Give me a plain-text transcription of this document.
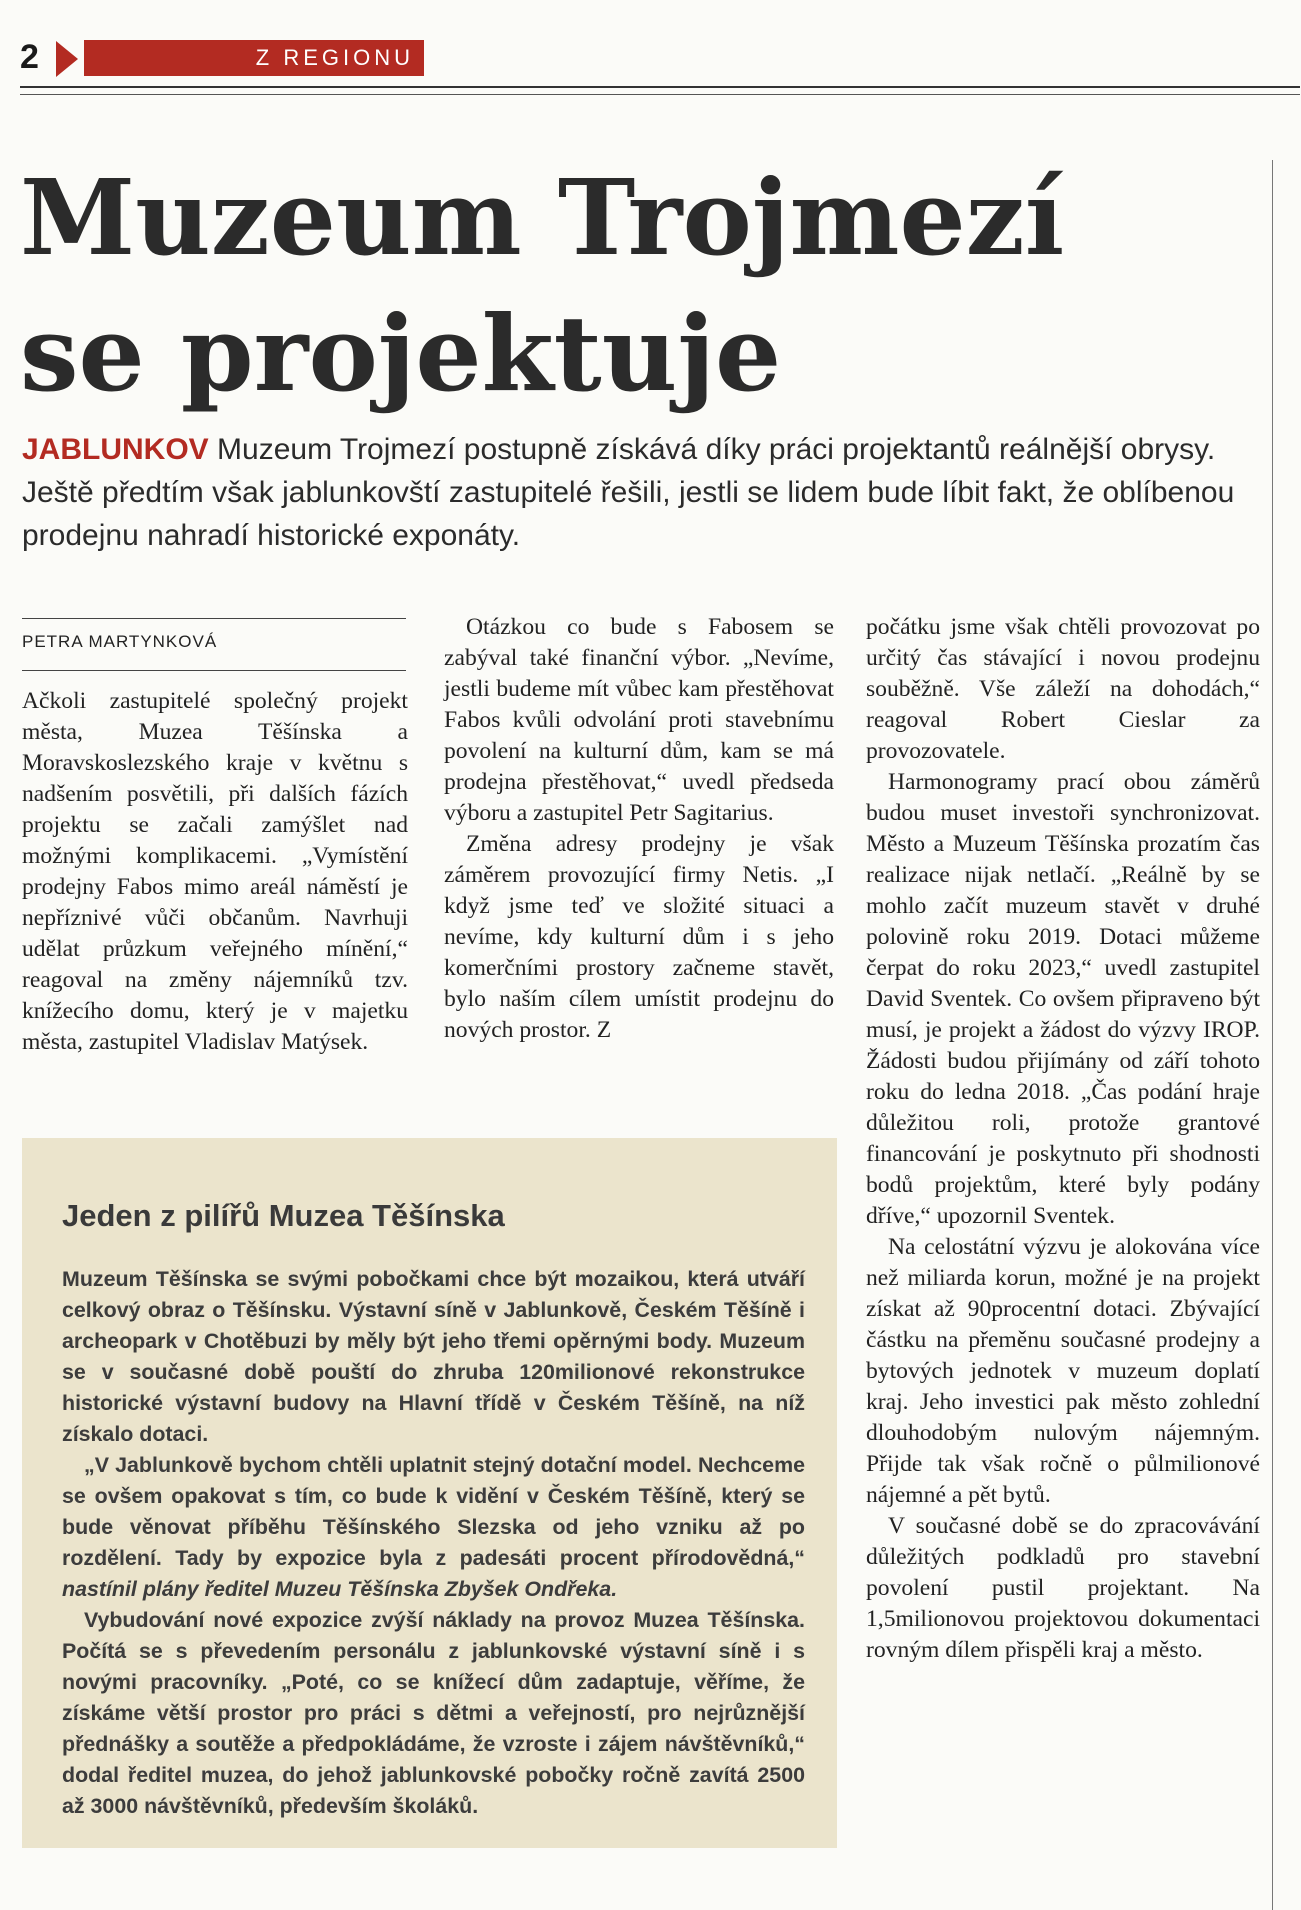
2	Z REGIONU
Muzeum Trojmezí
se projektuje

JABLUNKOV Muzeum Trojmezí postupně získává díky práci projektantů reálnější obrysy. Ještě předtím však jablunkovští zastupitelé řešili, jestli se lidem bude líbit fakt, že oblíbenou prodejnu nahradí historické exponáty.

PETRA MARTYNKOVÁ

Ačkoli zastupitelé společný projekt města, Muzea Těšínska a Moravskoslezského kraje v květnu s nadšením posvětili, při dalších fázích projektu se začali zamýšlet nad možnými komplikacemi. „Vymístění prodejny Fabos mimo areál náměstí je nepříznivé vůči občanům. Navrhuji udělat průzkum veřejného mínění,“ reagoval na změny nájemníků tzv. knížecího domu, který je v majetku města, zastupitel Vladislav Matýsek.

Otázkou co bude s Fabosem se zabýval také finanční výbor. „Nevíme, jestli budeme mít vůbec kam přestěhovat Fabos kvůli odvolání proti stavebnímu povolení na kulturní dům, kam se má prodejna přestěhovat,“ uvedl předseda výboru a zastupitel Petr Sagitarius.

Změna adresy prodejny je však záměrem provozující firmy Netis. „I když jsme teď ve složité situaci a nevíme, kdy kulturní dům i s jeho komerčními prostory začneme stavět, bylo naším cílem umístit prodejnu do nových prostor. Z

počátku jsme však chtěli provozovat po určitý čas stávající i novou prodejnu souběžně. Vše záleží na dohodách,“ reagoval Robert Cieslar za provozovatele.

Harmonogramy prací obou záměrů budou muset investoři synchronizovat. Město a Muzeum Těšínska prozatím čas realizace nijak netlačí. „Reálně by se mohlo začít muzeum stavět v druhé polovině roku 2019. Dotaci můžeme čerpat do roku 2023,“ uvedl zastupitel David Sventek. Co ovšem připraveno být musí, je projekt a žádost do výzvy IROP. Žádosti budou přijímány od září tohoto roku do ledna 2018. „Čas podání hraje důležitou roli, protože grantové financování je poskytnuto při shodnosti bodů projektům, které byly podány dříve,“ upozornil Sventek.

Na celostátní výzvu je alokována více než miliarda korun, možné je na projekt získat až 90procentní dotaci. Zbývající částku na přeměnu současné prodejny a bytových jednotek v muzeum doplatí kraj. Jeho investici pak město zohlední dlouhodobým nulovým nájemným. Přijde tak však ročně o půlmilionové nájemné a pět bytů.

V současné době se do zpracovávání důležitých podkladů pro stavební povolení pustil projektant. Na 1,5milionovou projektovou dokumentaci rovným dílem přispěli kraj a město.

Jeden z pilířů Muzea Těšínska

Muzeum Těšínska se svými pobočkami chce být mozaikou, která utváří celkový obraz o Těšínsku. Výstavní síně v Jablunkově, Českém Těšíně i archeopark v Chotěbuzi by měly být jeho třemi opěrnými body. Muzeum se v současné době pouští do zhruba 120milionové rekonstrukce historické výstavní budovy na Hlavní třídě v Českém Těšíně, na níž získalo dotaci.

„V Jablunkově bychom chtěli uplatnit stejný dotační model. Nechceme se ovšem opakovat s tím, co bude k vidění v Českém Těšíně, který se bude věnovat příběhu Těšínského Slezska od jeho vzniku až po rozdělení. Tady by expozice byla z padesáti procent přírodovědná,“ nastínil plány ředitel Muzeu Těšínska Zbyšek Ondřeka.

Vybudování nové expozice zvýší náklady na provoz Muzea Těšínska. Počítá se s převedením personálu z jablunkovské výstavní síně i s novými pracovníky. „Poté, co se knížecí dům zadaptuje, věříme, že získáme větší prostor pro práci s dětmi a veřejností, pro nejrůznější přednášky a soutěže a předpokládáme, že vzroste i zájem návštěvníků,“ dodal ředitel muzea, do jehož jablunkovské pobočky ročně zavítá 2500 až 3000 návštěvníků, především školáků.
